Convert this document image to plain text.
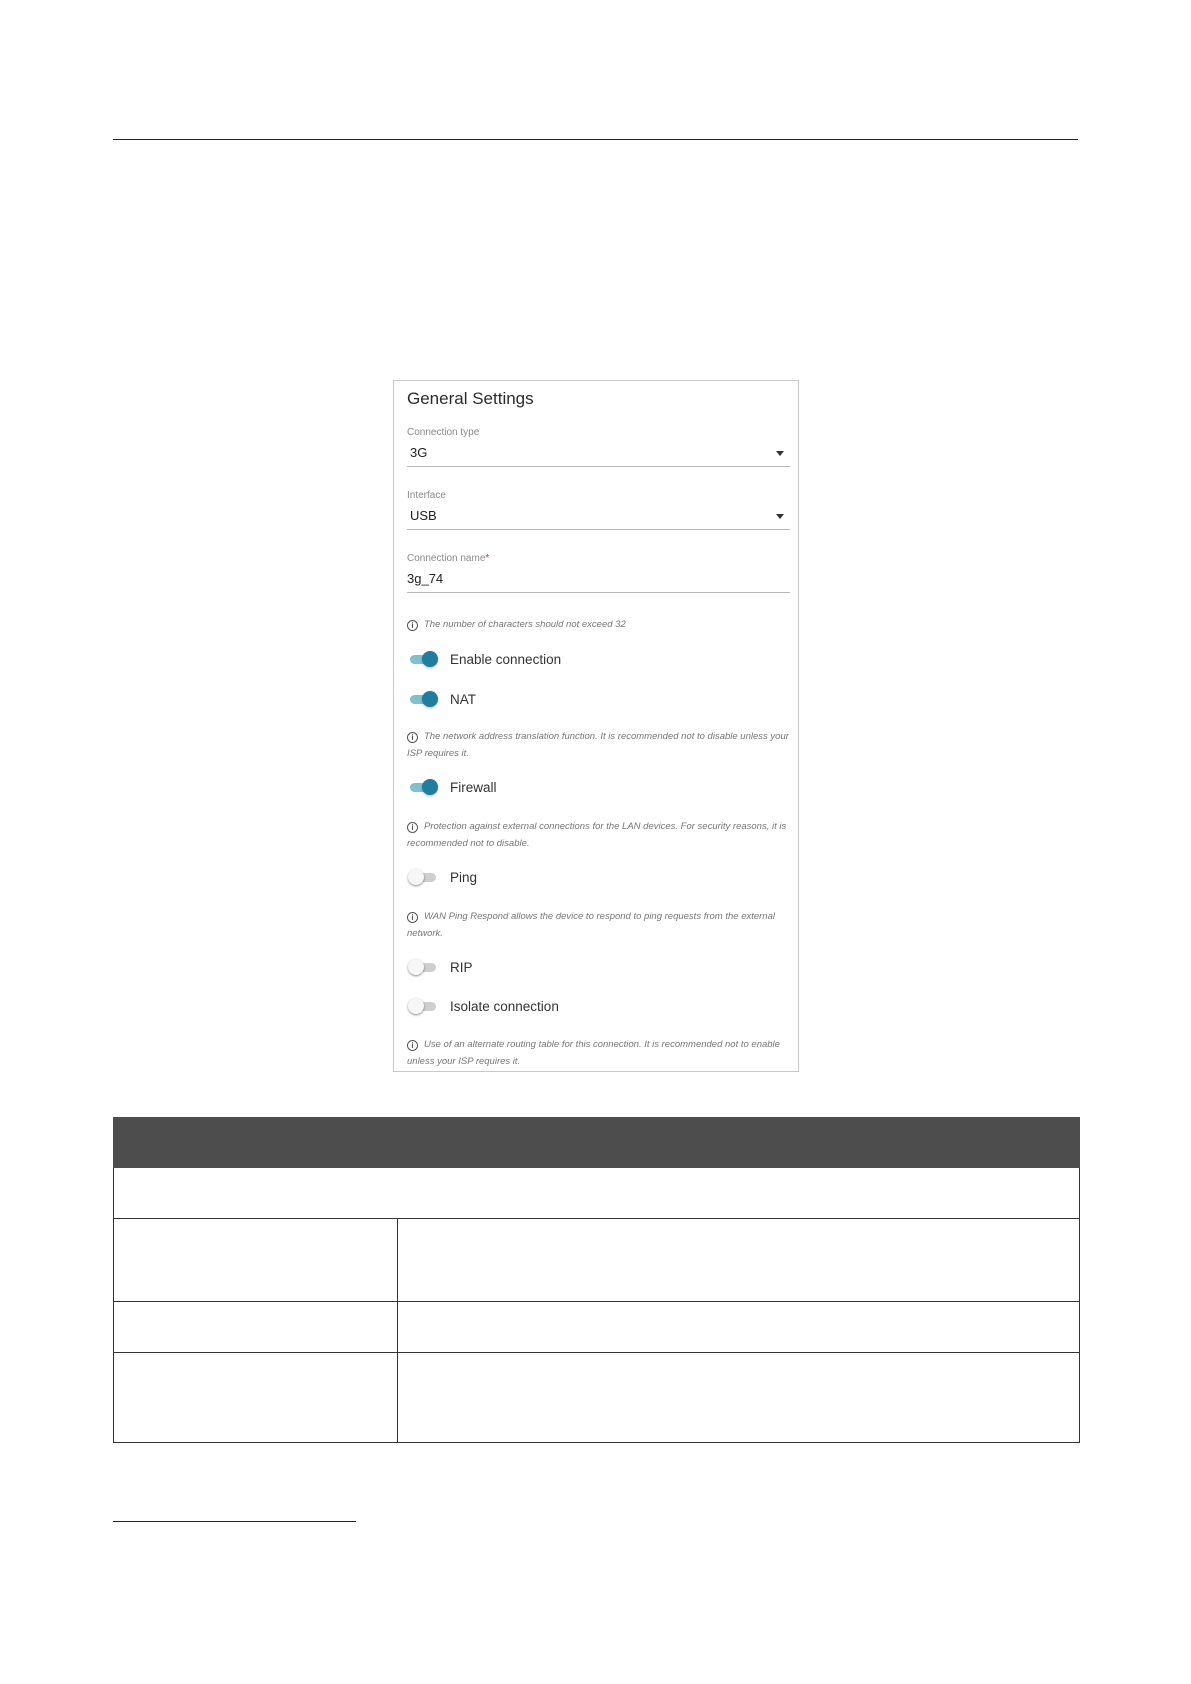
General Settings
Connection type
3G
Interface
USB
Connection name*
3g_74
i The number of characters should not exceed 32
Enable connection
NAT
i The network address translation function. It is recommended not to disable unless your ISP requires it.
Firewall
i Protection against external connections for the LAN devices. For security reasons, it is recommended not to disable.
Ping
i WAN Ping Respond allows the device to respond to ping requests from the external network.
RIP
Isolate connection
i Use of an alternate routing table for this connection. It is recommended not to enable unless your ISP requires it.
